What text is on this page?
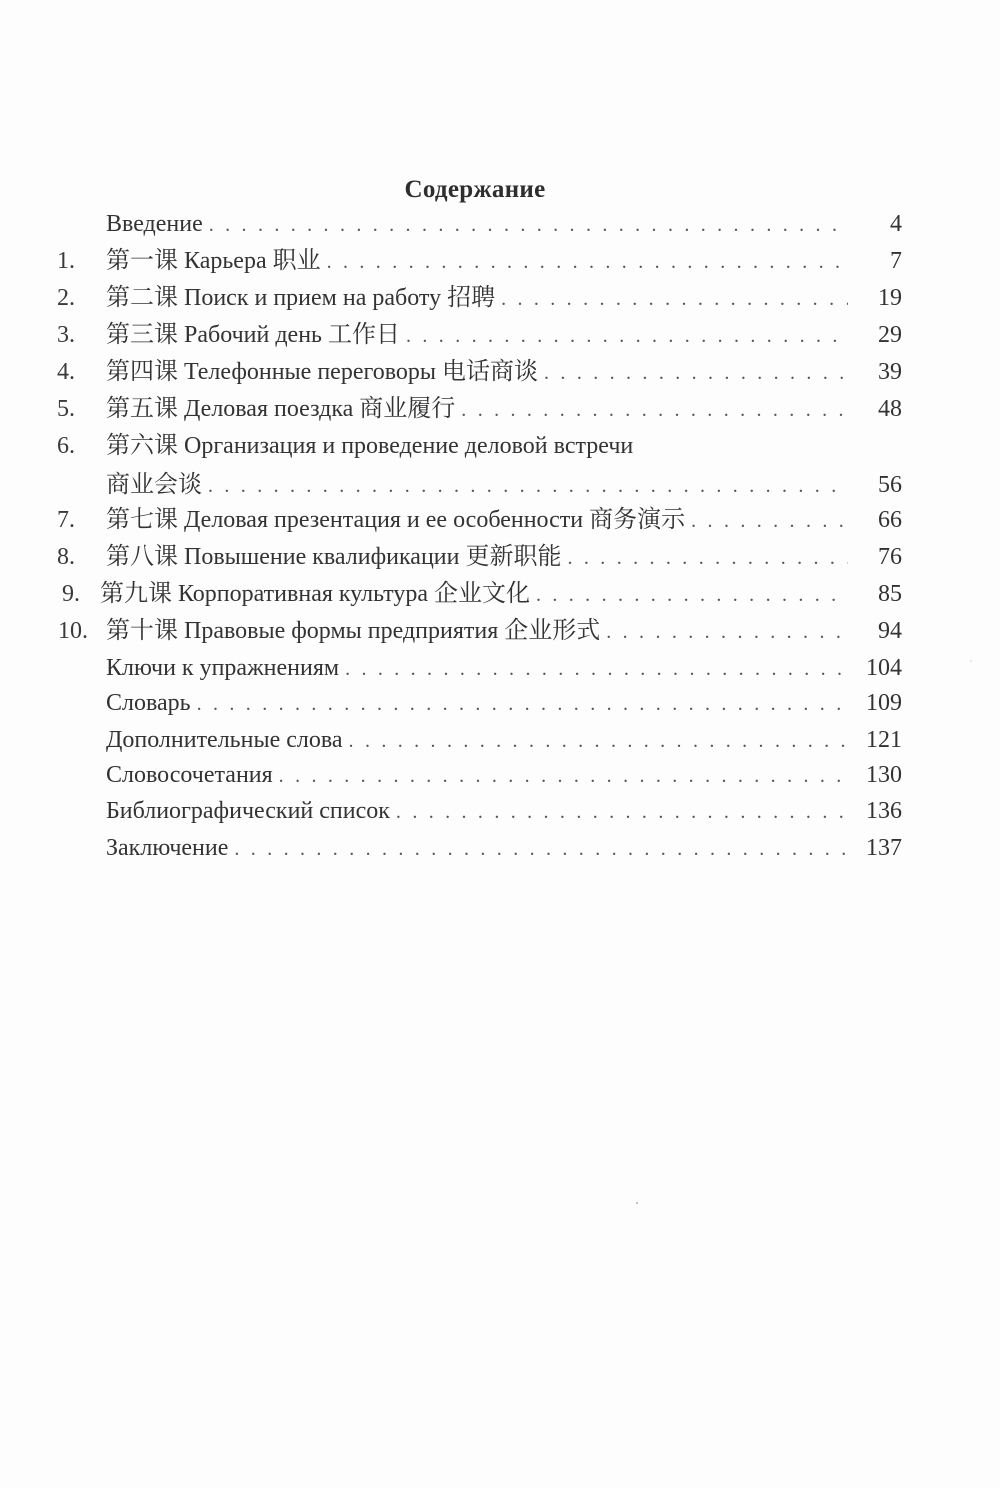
Содержание
Введение . . .	4
1.	第一课 Карьера 职业 . . .	7
2.	第二课 Поиск и прием на работу 招聘 . . .	19
3.	第三课 Рабочий день 工作日 . . .	29
4.	第四课 Телефонные переговоры 电话商谈 . . .	39
5.	第五课 Деловая поездка 商业履行 . . .	48
6.	第六课 Организация и проведение деловой встречи
商业会谈 . . .	56
7.	第七课 Деловая презентация и ее особенности 商务演示 . . .	66
8.	第八课 Повышение квалификации 更新职能 . . .	76
9. 第九课 Корпоративная культура 企业文化 . . .	85
10. 第十课 Правовые формы предприятия 企业形式 . . .	94
Ключи к упражнениям . . .	104
Словарь . . .	109
Дополнительные слова . . .	121
Словосочетания . . .	130
Библиографический список . . .	136
Заключение . . .	137
